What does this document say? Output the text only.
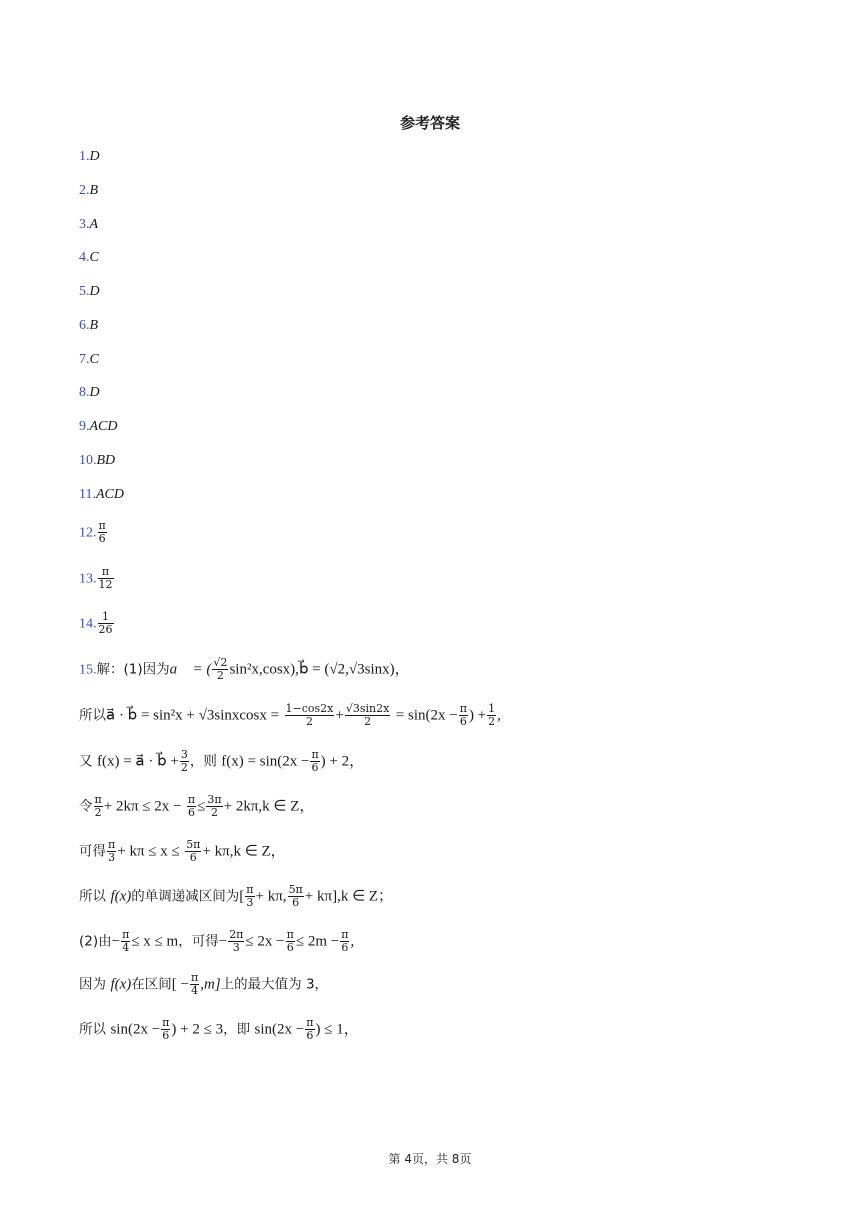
参考答案
1.D
2.B
3.A
4.C
5.D
6.B
7.C
8.D
9.ACD
10.BD
11.ACD
12. $\frac{\pi}{6}$
13. $\frac{\pi}{12}$
14. $\frac{1}{26}$
15.解：(1)因为a⃗ = ( $\frac{√2}{2}$ sin²x,cosx),b⃗ = (√2,√3sinx)，
所以a⃗ · b⃗ = sin²x + √3sinxcosx = $\frac{1-\cos 2x}{2} + \frac{√3\sin 2x}{2} = \sin(2x - \frac{\pi}{6}$ ) + $\frac{1}{2}$ ,
又 f(x) = a⃗ · b⃗ + $\frac{3}{2}$ ，则 $f(x) = \sin(2x - \frac{\pi}{6}$ ) + 2，
令 $\frac{\pi}{2} + 2k\pi \le 2x - \frac{\pi}{6} \le \frac{3\pi}{2} + 2k\pi,k$ ∈ Z，
可得 $\frac{\pi}{3} + k\pi \le x \le \frac{5\pi}{6} + k\pi,k$ ∈ Z，
所以 f(x)的单调递减区间为[ $\frac{\pi}{3} + k\pi$, $\frac{5\pi}{6} + k\pi],k$ ∈ Z；
(2)由− $\frac{\pi}{4} \le x \le m$，可得− $\frac{2\pi}{3} \le 2x - \frac{\pi}{6} \le 2m - \frac{\pi}{6}$ ,
因为 f(x)在区间[ − $\frac{\pi}{4} ,m$]上的最大值为 3，
所以 $\sin(2x - \frac{\pi}{6}$ ) + 2 ≤ 3，即 $\sin(2x - \frac{\pi}{6}$ ) ≤ 1，
第 4页，共 8页
